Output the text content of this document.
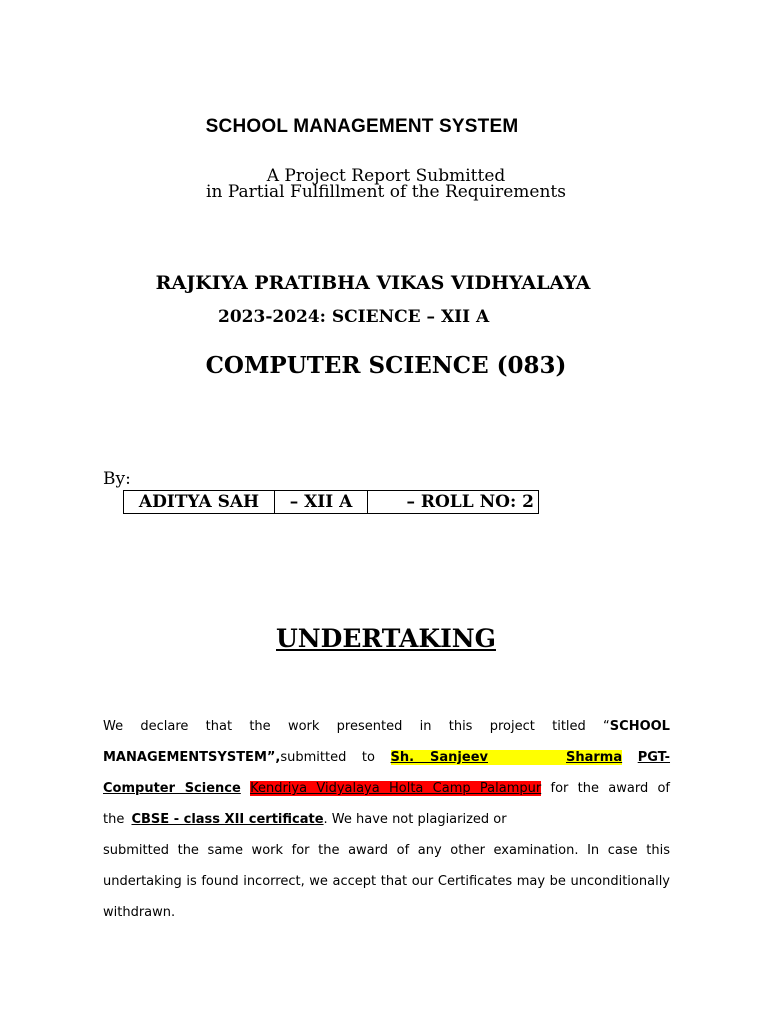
SCHOOL MANAGEMENT SYSTEM
A Project Report Submitted
in Partial Fulfillment of the Requirements
RAJKIYA PRATIBHA VIKAS VIDHYALAYA
2023-2024: SCIENCE – XII A
COMPUTER SCIENCE (083)
By:
ADITYA SAH	– XII A	– ROLL NO: 2
UNDERTAKING
We declare that the work presented in this project titled “SCHOOL
MANAGEMENTSYSTEM”,submitted to Sh. Sanjeev	Sharma PGT-
Computer Science Kendriya Vidyalaya Holta Camp Palampur for the award of
the CBSE - class XII certificate. We have not plagiarized or
submitted the same work for the award of any other examination. In case this
undertaking is found incorrect, we accept that our Certificates may be unconditionally
withdrawn.
